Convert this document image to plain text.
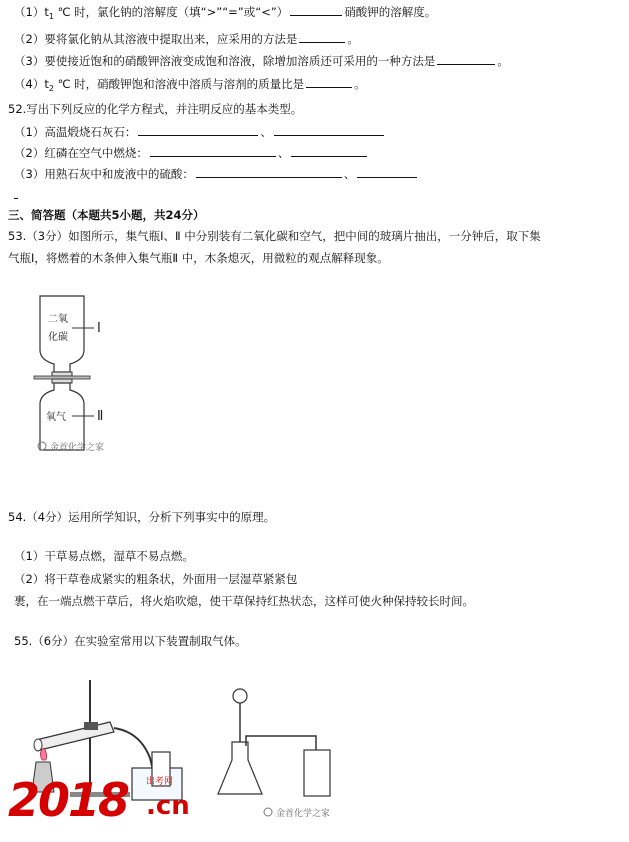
$(1)t_1$ ℃ 时，氯化钠的溶解度（填“>”“=”或“<”）	硝酸钾的溶解度。
（2）要将氯化钠从其溶液中提取出来，应采用的方法是	。
（3）要使接近饱和的硝酸钾溶液变成饱和溶液，除增加溶质还可采用的一种方法是	。
$(4)t_2$ ℃ 时，硝酸钾饱和溶液中溶质与溶剂的质量比是	。
52.写出下列反应的化学方程式，并注明反应的基本类型。
（1）高温煅烧石灰石：	、
（2）红磷在空气中燃烧：	、
（3）用熟石灰中和废液中的硫酸：	、
三、简答题（本题共5小题，共24分）
53.（3分）如图所示，集气瓶Ⅰ、Ⅱ 中分别装有二氧化碳和空气，把中间的玻璃片抽出，一分钟后，取下集
气瓶Ⅰ，将燃着的木条伸入集气瓶Ⅱ 中，木条熄灭，用微粒的观点解释现象。
二氧
化碳
氧气
Ⅰ
Ⅱ
金首化学之家
54.（4分）运用所学知识，分析下列事实中的原理。
（1）干草易点燃，湿草不易点燃。
（2）将干草卷成紧实的粗条状，外面用一层湿草紧紧包
裹，在一端点燃干草后，将火焰吹熄，使干草保持红热状态，这样可使火种保持较长时间。
55.（6分）在实验室常用以下装置制取气体。
金首化学之家
2018 出考网
.cn
